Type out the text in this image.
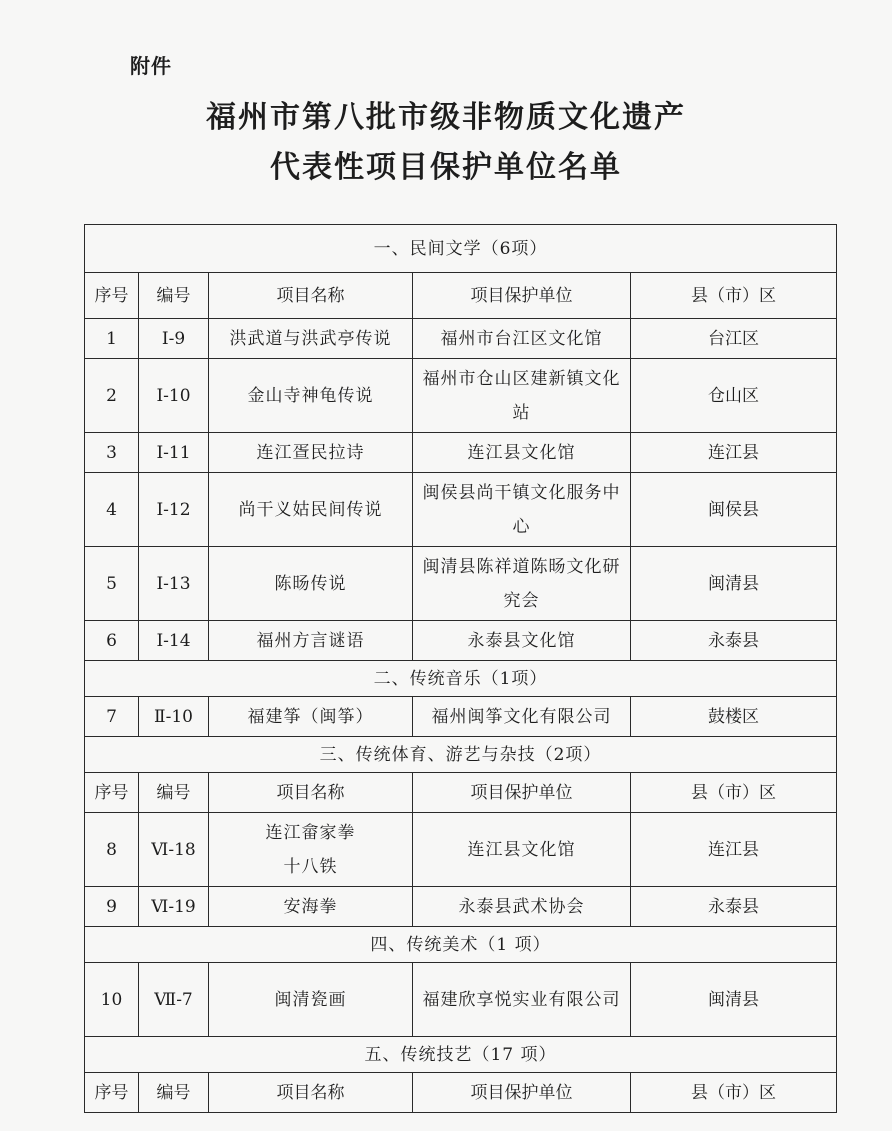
附件
福州市第八批市级非物质文化遗产
代表性项目保护单位名单
一、民间文学（6项）				
序号	编号	项目名称	项目保护单位	县（市）区
1	Ⅰ-9	洪武道与洪武亭传说	福州市台江区文化馆	台江区
2	Ⅰ-10	金山寺神龟传说	福州市仓山区建新镇文化站	仓山区
3	Ⅰ-11	连江疍民拉诗	连江县文化馆	连江县
4	Ⅰ-12	尚干义姑民间传说	闽侯县尚干镇文化服务中心	闽侯县
5	Ⅰ-13	陈旸传说	闽清县陈祥道陈旸文化研究会	闽清县
6	Ⅰ-14	福州方言谜语	永泰县文化馆	永泰县
二、传统音乐（1项）				
7	Ⅱ-10	福建筝（闽筝）	福州闽筝文化有限公司	鼓楼区
三、传统体育、游艺与杂技（2项）				
序号	编号	项目名称	项目保护单位	县（市）区
8	Ⅵ-18	连江畲家拳十八铁	连江县文化馆	连江县
9	Ⅵ-19	安海拳	永泰县武术协会	永泰县
四、传统美术（1 项）				
10	Ⅶ-7	闽清瓷画	福建欣享悦实业有限公司	闽清县
五、传统技艺（17 项）				
序号	编号	项目名称	项目保护单位	县（市）区
